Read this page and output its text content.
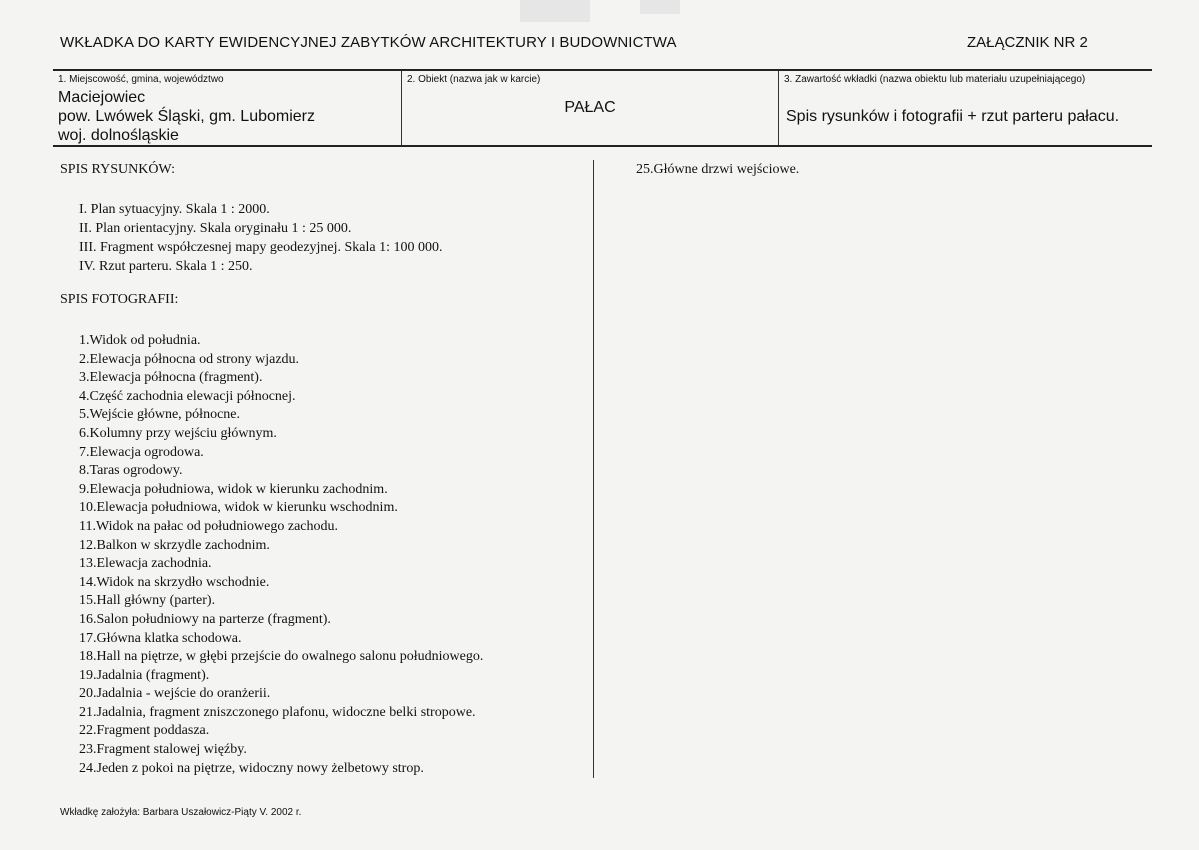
WKŁADKA DO KARTY EWIDENCYJNEJ ZABYTKÓW ARCHITEKTURY I BUDOWNICTWA	ZAŁĄCZNIK NR 2
1. Miejscowość, gmina, województwo
Maciejowiec
pow. Lwówek Śląski, gm. Lubomierz
woj. dolnośląskie
2. Obiekt (nazwa jak w karcie)
PAŁAC
3. Zawartość wkładki (nazwa obiektu lub materiału uzupełniającego)
Spis rysunków i fotografii + rzut parteru pałacu.
SPIS RYSUNKÓW:
I. Plan sytuacyjny. Skala 1 : 2000.
II. Plan orientacyjny. Skala oryginału 1 : 25 000.
III. Fragment współczesnej mapy geodezyjnej. Skala 1: 100 000.
IV. Rzut parteru. Skala 1 : 250.
SPIS FOTOGRAFII:
1.Widok od południa.
2.Elewacja północna od strony wjazdu.
3.Elewacja północna (fragment).
4.Część zachodnia elewacji północnej.
5.Wejście główne, północne.
6.Kolumny przy wejściu głównym.
7.Elewacja ogrodowa.
8.Taras ogrodowy.
9.Elewacja południowa, widok w kierunku zachodnim.
10.Elewacja południowa, widok w kierunku wschodnim.
11.Widok na pałac od południowego zachodu.
12.Balkon w skrzydle zachodnim.
13.Elewacja zachodnia.
14.Widok na skrzydło wschodnie.
15.Hall główny (parter).
16.Salon południowy na parterze (fragment).
17.Główna klatka schodowa.
18.Hall na piętrze, w głębi przejście do owalnego salonu południowego.
19.Jadalnia (fragment).
20.Jadalnia - wejście do oranżerii.
21.Jadalnia, fragment zniszczonego plafonu, widoczne belki stropowe.
22.Fragment poddasza.
23.Fragment stalowej więźby.
24.Jeden z pokoi na piętrze, widoczny nowy żelbetowy strop.
25.Główne drzwi wejściowe.
Wkładkę założyła: Barbara Uszałowicz-Piąty V. 2002 r.
